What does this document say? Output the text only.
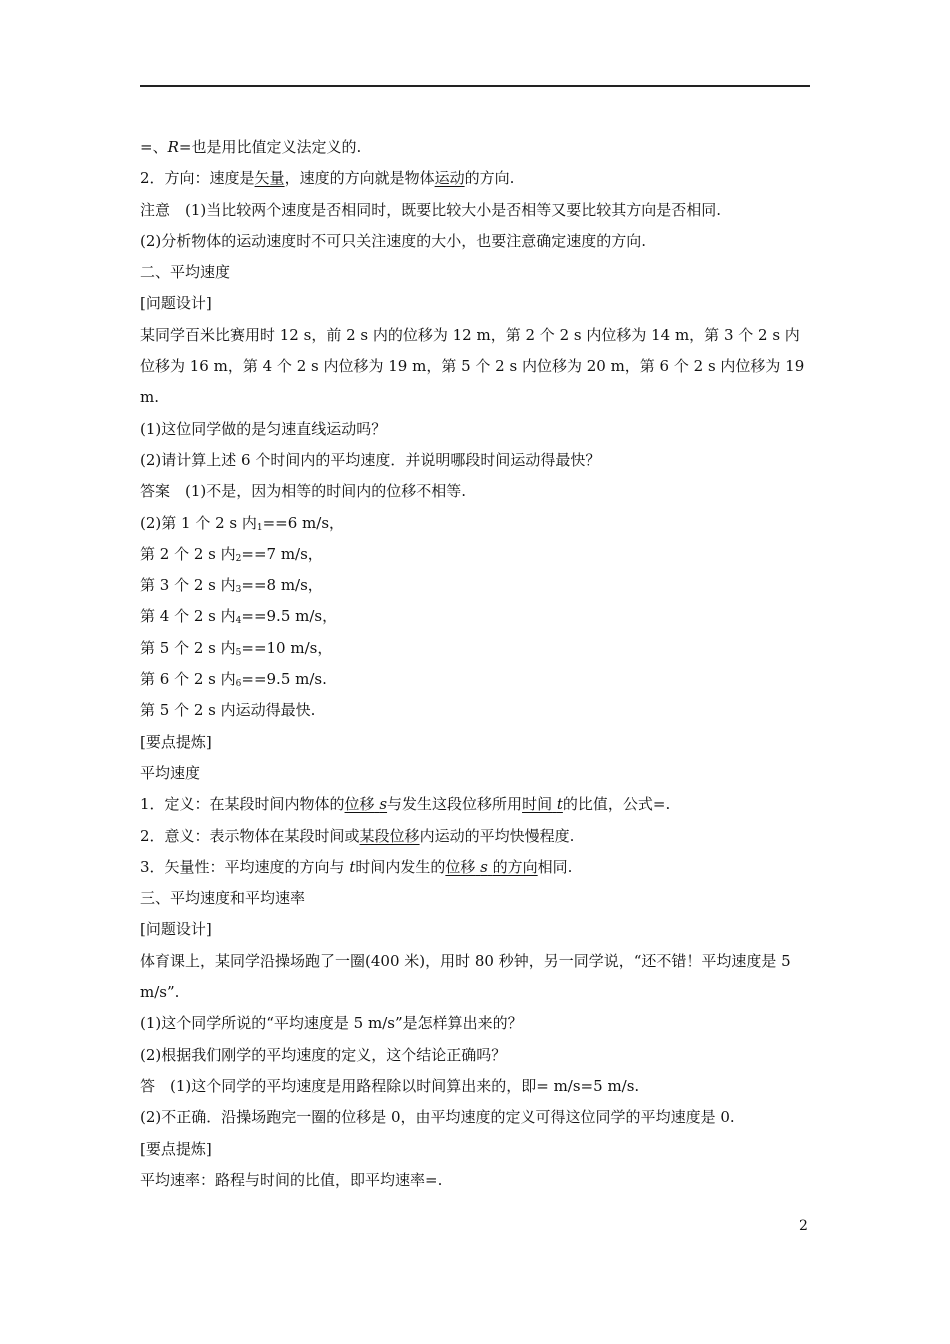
=、R=也是用比值定义法定义的.
2．方向：速度是矢量，速度的方向就是物体运动的方向.
注意　(1)当比较两个速度是否相同时，既要比较大小是否相等又要比较其方向是否相同.
(2)分析物体的运动速度时不可只关注速度的大小，也要注意确定速度的方向.
二、平均速度
[问题设计]
某同学百米比赛用时 12 s，前 2 s 内的位移为 12 m，第 2 个 2 s 内位移为 14 m，第 3 个 2 s 内位移为 16 m，第 4 个 2 s 内位移为 19 m，第 5 个 2 s 内位移为 20 m，第 6 个 2 s 内位移为 19 m.
(1)这位同学做的是匀速直线运动吗？
(2)请计算上述 6 个时间内的平均速度．并说明哪段时间运动得最快？
答案　(1)不是，因为相等的时间内的位移不相等.
(2)第 1 个 2 s 内$_1$==6 m/s，
第 2 个 2 s 内$_2$==7 m/s，
第 3 个 2 s 内$_3$==8 m/s，
第 4 个 2 s 内$_4$==9.5 m/s，
第 5 个 2 s 内$_5$==10 m/s，
第 6 个 2 s 内$_6$==9.5 m/s.
第 5 个 2 s 内运动得最快.
[要点提炼]
平均速度
1．定义：在某段时间内物体的位移 s与发生这段位移所用时间 t的比值，公式=.
2．意义：表示物体在某段时间或某段位移内运动的平均快慢程度.
3．矢量性：平均速度的方向与 t时间内发生的位移 s 的方向相同.
三、平均速度和平均速率
[问题设计]
体育课上，某同学沿操场跑了一圈(400 米)，用时 80 秒钟，另一同学说，“还不错！平均速度是 5 m/s”.
(1)这个同学所说的“平均速度是 5 m/s”是怎样算出来的？
(2)根据我们刚学的平均速度的定义，这个结论正确吗？
答　(1)这个同学的平均速度是用路程除以时间算出来的，即= m/s=5 m/s.
(2)不正确．沿操场跑完一圈的位移是 0，由平均速度的定义可得这位同学的平均速度是 0.
[要点提炼]
平均速率：路程与时间的比值，即平均速率=.
2
